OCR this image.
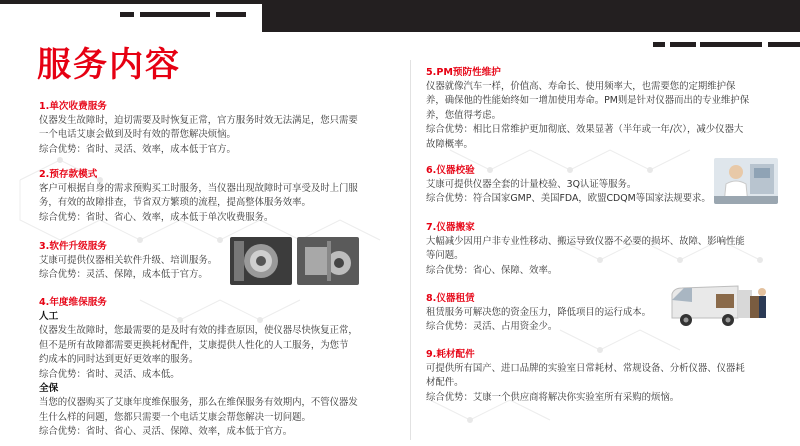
服务内容
1.单次收费服务

仪器发生故障时，迫切需要及时恢复正常，官方服务时效无法满足，您只需要

一个电话艾康会做到及时有效的帮您解决烦恼。

综合优势：省时、灵活、效率，成本低于官方。

2.预存款模式

客户可根据自身的需求预购买工时服务，当仪器出现故障时可享受及时上门服

务，有效的故障排查，节省双方繁琐的流程，提高整体服务效率。

综合优势：省时、省心、效率，成本低于单次收费服务。

3.软件升级服务

艾康可提供仪器相关软件升级、培训服务。

综合优势：灵活、保障，成本低于官方。

4.年度维保服务
人工

仪器发生故障时，您最需要的是及时有效的排查原因，使仪器尽快恢复正常，

但不是所有故障都需要更换耗材配件，艾康提供人性化的人工服务，为您节

约成本的同时达到更好更效率的服务。

综合优势：省时、灵活、成本低。

全保

当您的仪器购买了艾康年度维保服务，那么在维保服务有效期内，不管仪器发

生什么样的问题，您都只需要一个电话艾康会帮您解决一切问题。

综合优势：省时、省心、灵活、保障、效率，成本低于官方。

5.PM预防性维护

仪器就像汽车一样，价值高、寿命长、使用频率大，也需要您的定期维护保

养，确保他的性能始终如一增加使用寿命。PM则是针对仪器而出的专业维护保

养，您值得考虑。

综合优势：相比日常维护更加彻底、效果显著（半年或一年/次），减少仪器大

故障概率。

6.仪器校验

艾康可提供仪器全套的计量校验、3Q认证等服务。

综合优势：符合国家GMP、美国FDA，欧盟CDQM等国家法规要求。

7.仪器搬家

大幅减少因用户非专业性移动、搬运导致仪器不必要的损坏、故障、影响性能

等问题。

综合优势：省心、保障、效率。

8.仪器租赁

租赁服务可解决您的资金压力，降低项目的运行成本。

综合优势：灵活、占用资金少。

9.耗材配件

可提供所有国产、进口品牌的实验室日常耗材、常规设备、分析仪器、仪器耗

材配件。

综合优势：艾康一个供应商将解决你实验室所有采购的烦恼。
